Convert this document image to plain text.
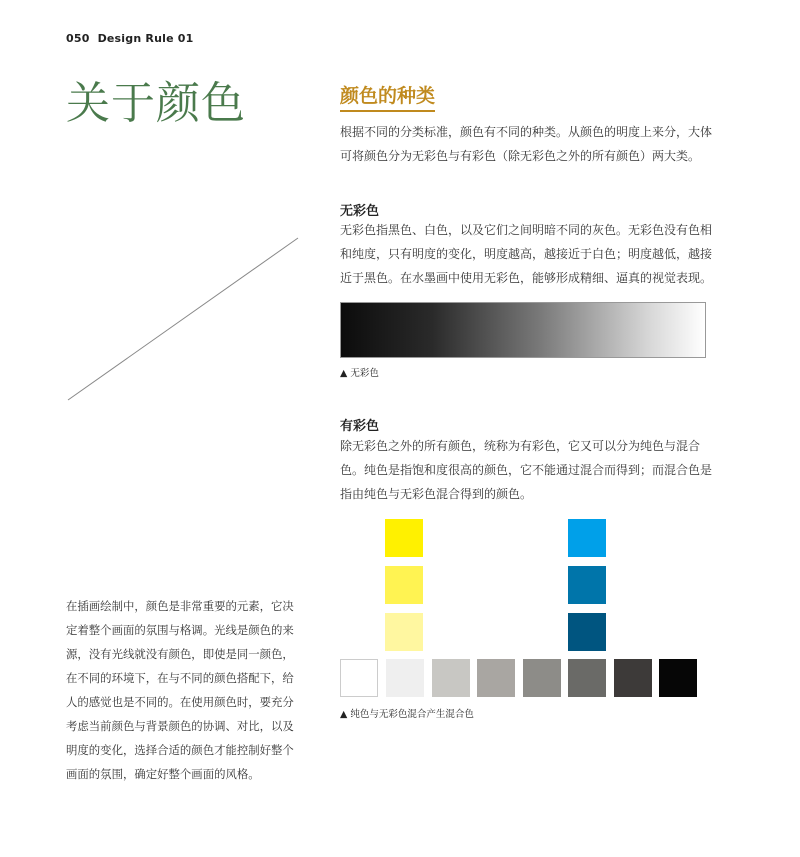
050 Design Rule 01
关于颜色	颜色的种类
根据不同的分类标准，颜色有不同的种类。从颜色的明度上来分，大体可将颜色分为无彩色与有彩色（除无彩色之外的所有颜色）两大类。
无彩色
无彩色指黑色、白色，以及它们之间明暗不同的灰色。无彩色没有色相和纯度，只有明度的变化，明度越高，越接近于白色；明度越低，越接近于黑色。在水墨画中使用无彩色，能够形成精细、逼真的视觉表现。
▲ 无彩色
有彩色
除无彩色之外的所有颜色，统称为有彩色，它又可以分为纯色与混合色。纯色是指饱和度很高的颜色，它不能通过混合而得到；而混合色是指由纯色与无彩色混合得到的颜色。
▲ 纯色与无彩色混合产生混合色
在插画绘制中，颜色是非常重要的元素，它决定着整个画面的氛围与格调。光线是颜色的来源，没有光线就没有颜色，即使是同一颜色，在不同的环境下，在与不同的颜色搭配下，给人的感觉也是不同的。在使用颜色时，要充分考虑当前颜色与背景颜色的协调、对比，以及明度的变化，选择合适的颜色才能控制好整个画面的氛围，确定好整个画面的风格。
